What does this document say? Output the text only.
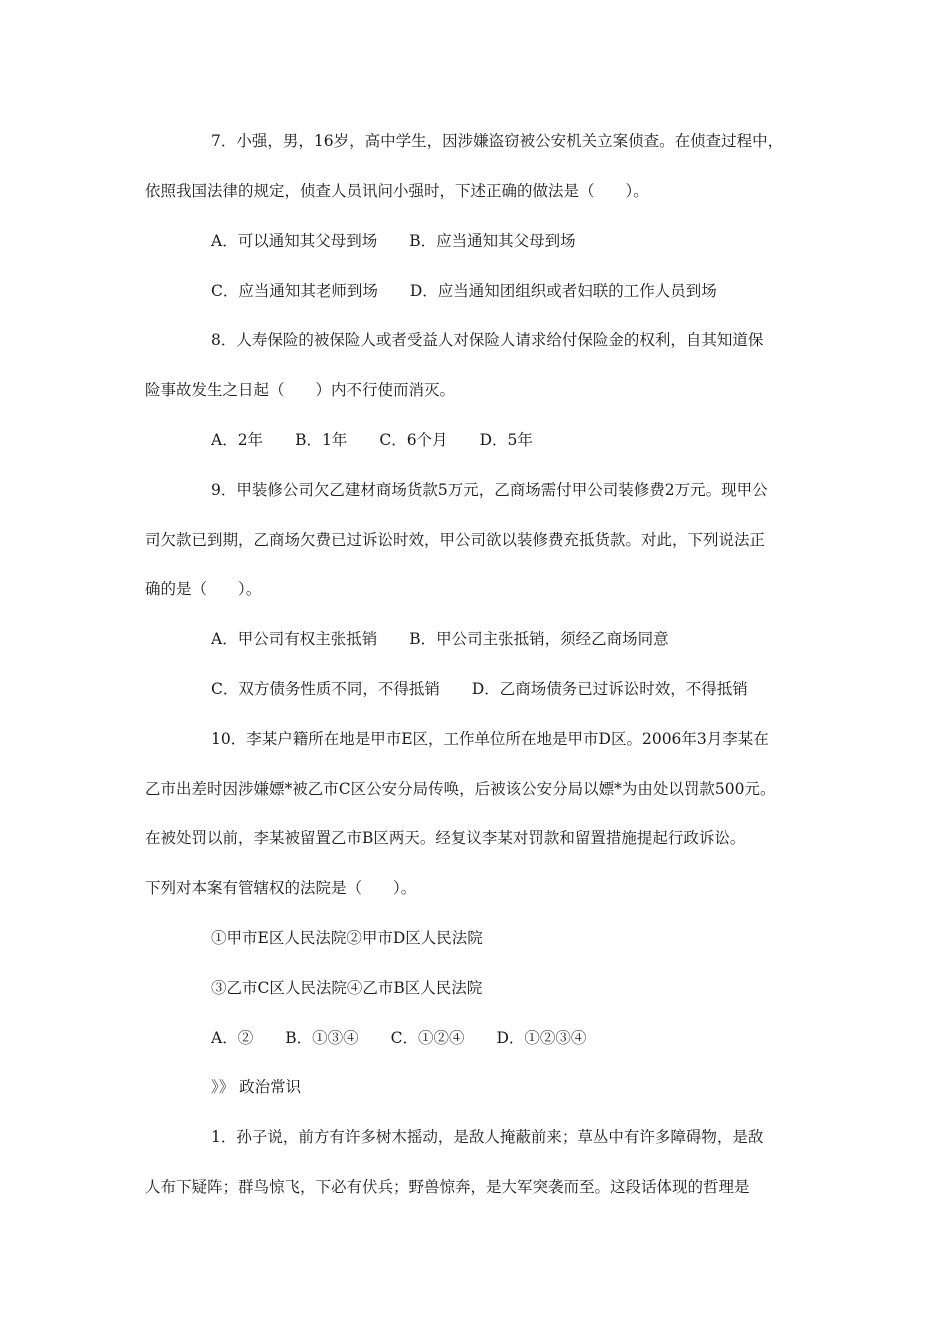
7．小强，男，16岁，高中学生，因涉嫌盗窃被公安机关立案侦查。在侦查过程中，
依照我国法律的规定，侦查人员讯问小强时，下述正确的做法是（　　）。
A．可以通知其父母到场 B．应当通知其父母到场
C．应当通知其老师到场 D．应当通知团组织或者妇联的工作人员到场
8．人寿保险的被保险人或者受益人对保险人请求给付保险金的权利，自其知道保
险事故发生之日起（　　）内不行使而消灭。
A．2年 B．1年 C．6个月 D．5年
9．甲装修公司欠乙建材商场货款5万元，乙商场需付甲公司装修费2万元。现甲公
司欠款已到期，乙商场欠费已过诉讼时效，甲公司欲以装修费充抵货款。对此，下列说法正
确的是（　　）。
A．甲公司有权主张抵销 B．甲公司主张抵销，须经乙商场同意
C．双方债务性质不同，不得抵销 D．乙商场债务已过诉讼时效，不得抵销
10．李某户籍所在地是甲市E区，工作单位所在地是甲市D区。2006年3月李某在
乙市出差时因涉嫌嫖*被乙市C区公安分局传唤，后被该公安分局以嫖*为由处以罚款500元。
在被处罚以前，李某被留置乙市B区两天。经复议李某对罚款和留置措施提起行政诉讼。
下列对本案有管辖权的法院是（　　）。
①甲市E区人民法院②甲市D区人民法院
③乙市C区人民法院④乙市B区人民法院
A．② B．①③④ C．①②④ D．①②③④
》》 政治常识
1．孙子说，前方有许多树木摇动，是敌人掩蔽前来；草丛中有许多障碍物，是敌
人布下疑阵；群鸟惊飞，下必有伏兵；野兽惊奔，是大军突袭而至。这段话体现的哲理是
